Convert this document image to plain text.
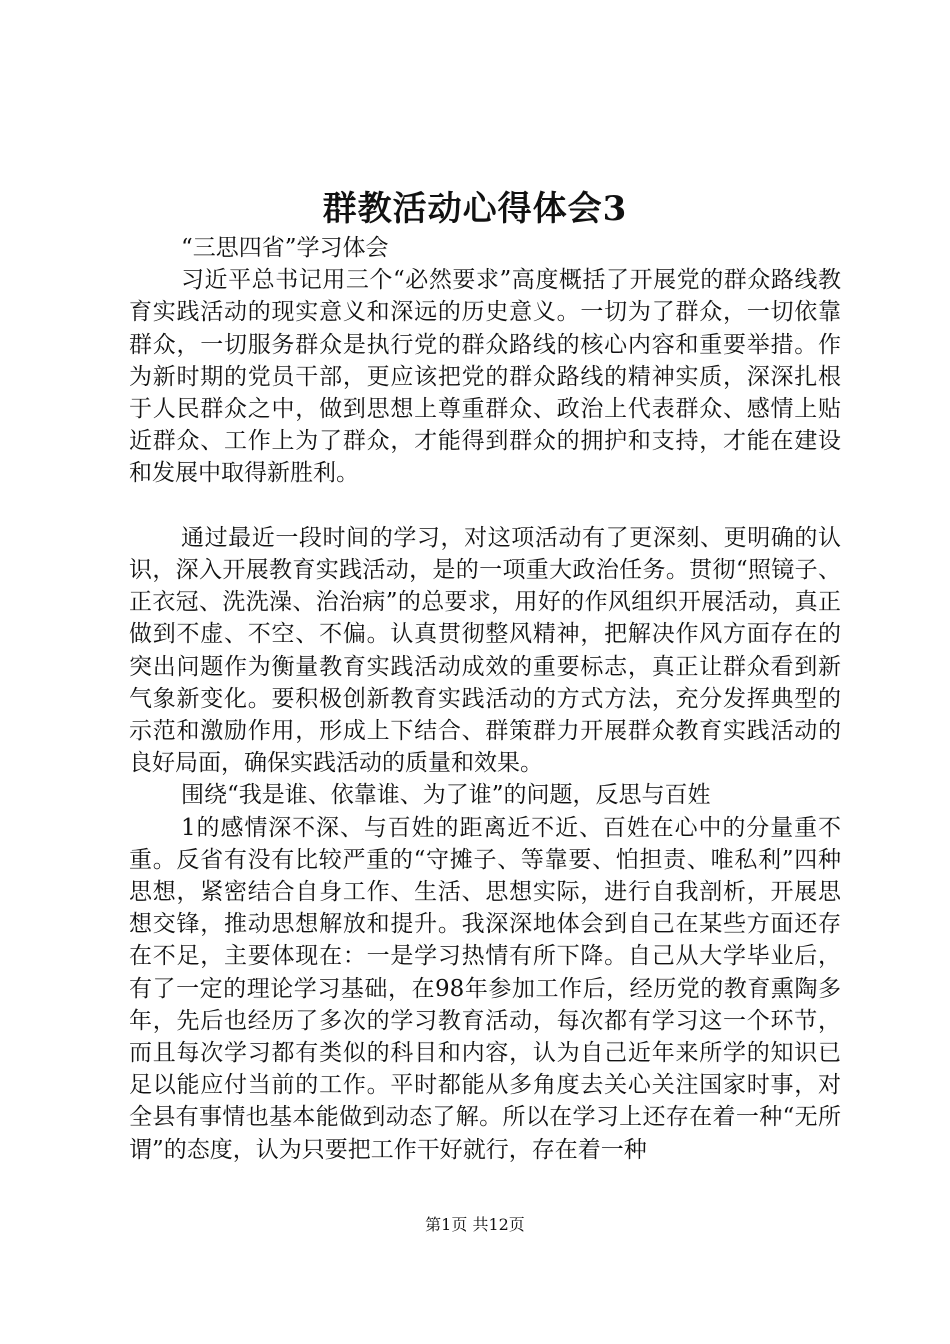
群教活动心得体会3

“三思四省”学习体会

习近平总书记用三个“必然要求”高度概括了开展党的群众路线教育实践活动的现实意义和深远的历史意义。一切为了群众，一切依靠群众，一切服务群众是执行党的群众路线的核心内容和重要举措。作为新时期的党员干部，更应该把党的群众路线的精神实质，深深扎根于人民群众之中，做到思想上尊重群众、政治上代表群众、感情上贴近群众、工作上为了群众，才能得到群众的拥护和支持，才能在建设和发展中取得新胜利。

通过最近一段时间的学习，对这项活动有了更深刻、更明确的认识，深入开展教育实践活动，是的一项重大政治任务。贯彻“照镜子、正衣冠、洗洗澡、治治病”的总要求，用好的作风组织开展活动，真正做到不虚、不空、不偏。认真贯彻整风精神，把解决作风方面存在的突出问题作为衡量教育实践活动成效的重要标志，真正让群众看到新气象新变化。要积极创新教育实践活动的方式方法，充分发挥典型的示范和激励作用，形成上下结合、群策群力开展群众教育实践活动的良好局面，确保实践活动的质量和效果。

围绕“我是谁、依靠谁、为了谁”的问题，反思与百姓

1的感情深不深、与百姓的距离近不近、百姓在心中的分量重不重。反省有没有比较严重的“守摊子、等靠要、怕担责、唯私利”四种思想，紧密结合自身工作、生活、思想实际，进行自我剖析，开展思想交锋，推动思想解放和提升。我深深地体会到自己在某些方面还存在不足，主要体现在：一是学习热情有所下降。自己从大学毕业后，有了一定的理论学习基础，在98年参加工作后，经历党的教育熏陶多年，先后也经历了多次的学习教育活动，每次都有学习这一个环节，而且每次学习都有类似的科目和内容，认为自己近年来所学的知识已足以能应付当前的工作。平时都能从多角度去关心关注国家时事，对全县有事情也基本能做到动态了解。所以在学习上还存在着一种“无所谓”的态度，认为只要把工作干好就行，存在着一种

第1页 共12页
